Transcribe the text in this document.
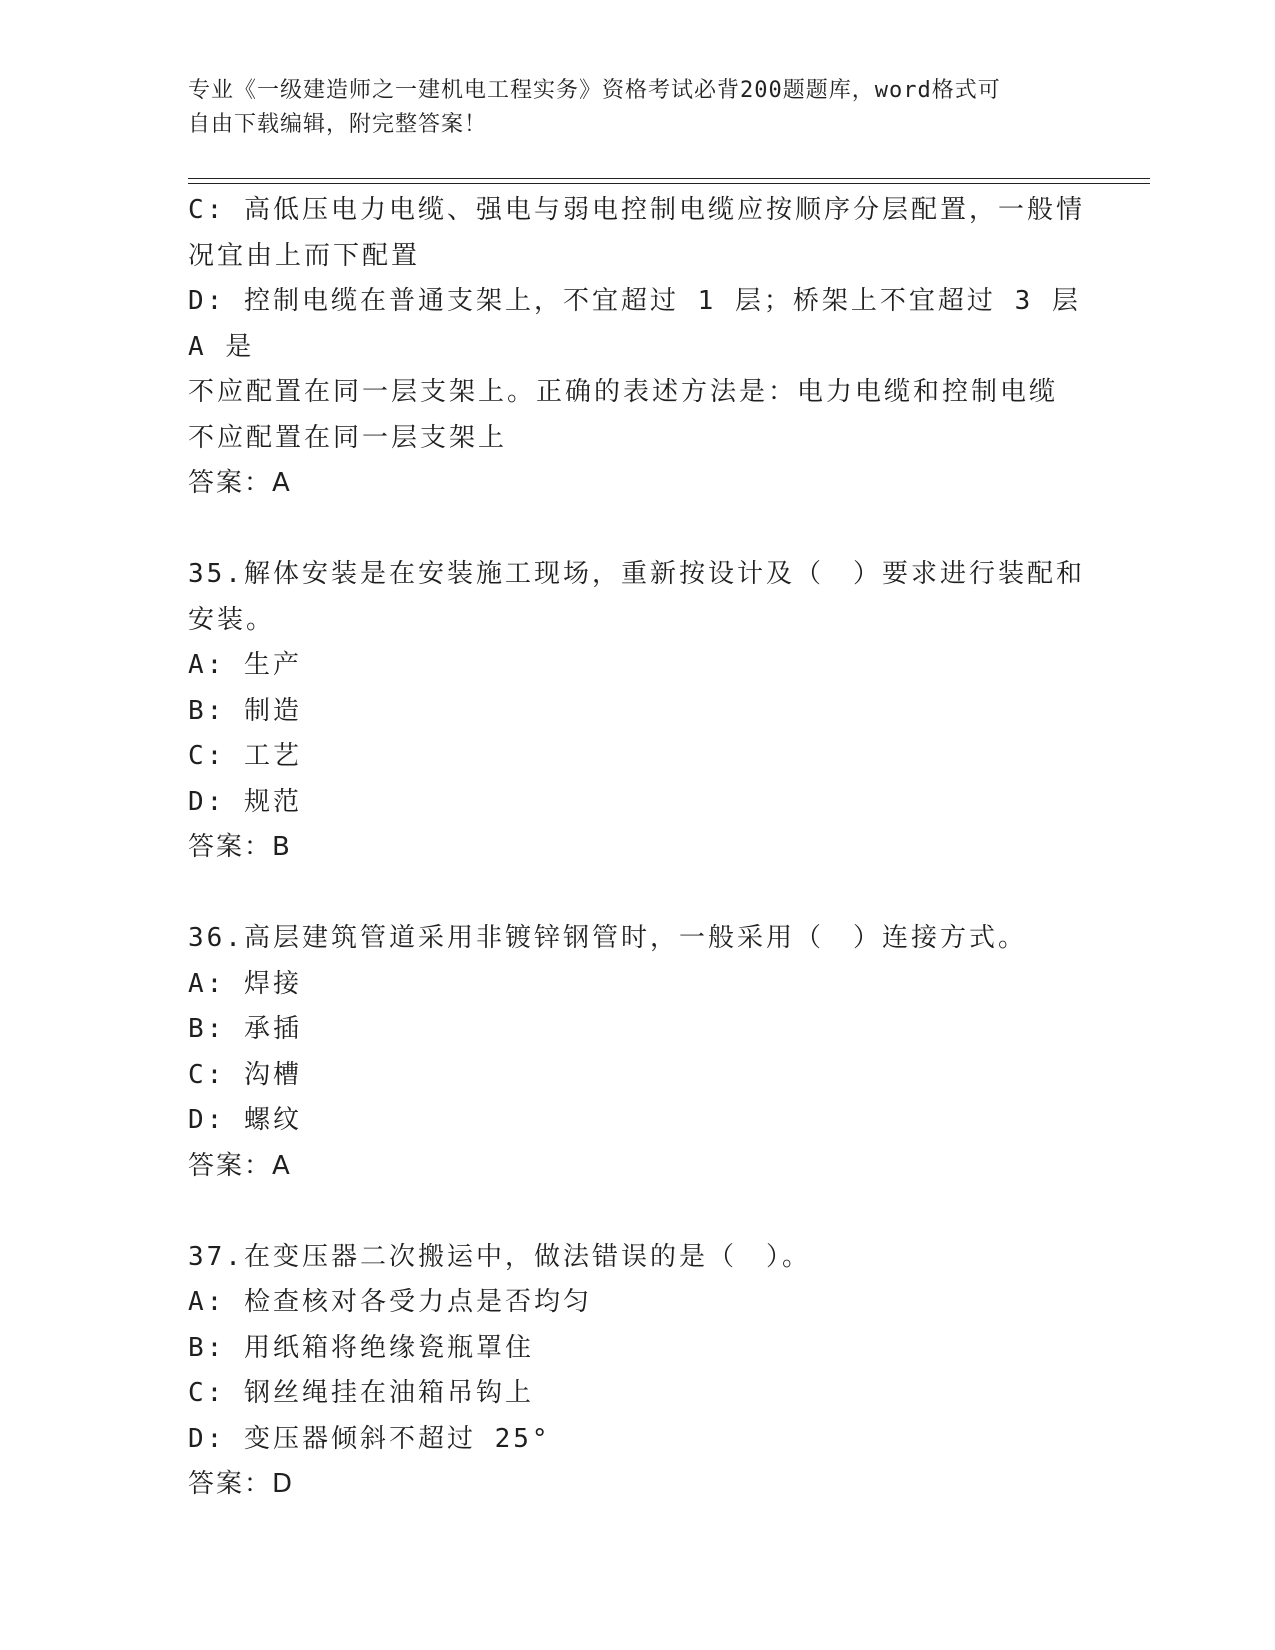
专业《一级建造师之一建机电工程实务》资格考试必背200题题库，word格式可
自由下载编辑，附完整答案！
C: 高低压电力电缆、强电与弱电控制电缆应按顺序分层配置，一般情
况宜由上而下配置
D: 控制电缆在普通支架上，不宜超过 1 层；桥架上不宜超过 3 层 A 是
不应配置在同一层支架上。正确的表述方法是：电力电缆和控制电缆
不应配置在同一层支架上
答案：A
35.解体安装是在安装施工现场，重新按设计及（　）要求进行装配和
安装。
A: 生产
B: 制造
C: 工艺
D: 规范
答案：B
36.高层建筑管道采用非镀锌钢管时，一般采用（　）连接方式。
A: 焊接
B: 承插
C: 沟槽
D: 螺纹
答案：A
37.在变压器二次搬运中，做法错误的是（　）。
A: 检查核对各受力点是否均匀
B: 用纸箱将绝缘瓷瓶罩住
C: 钢丝绳挂在油箱吊钩上
D: 变压器倾斜不超过 25°
答案：D
